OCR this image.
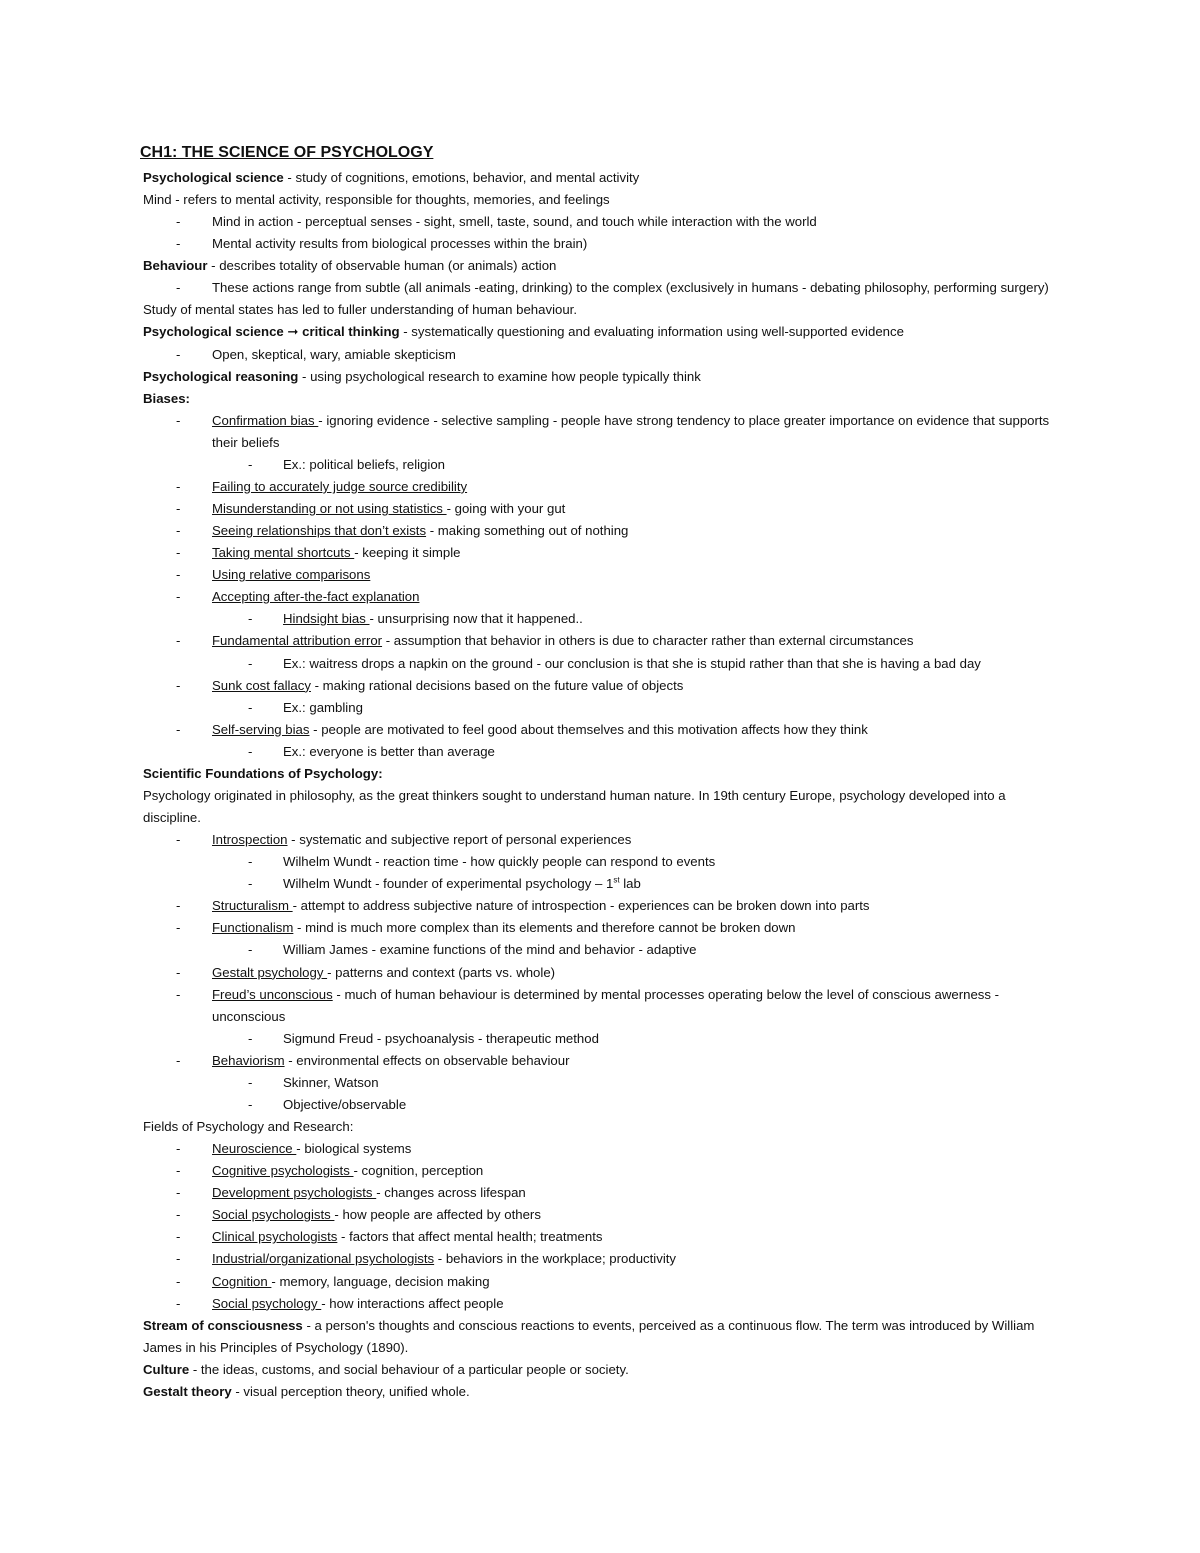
CH1: THE SCIENCE OF PSYCHOLOGY
Psychological science - study of cognitions, emotions, behavior, and mental activity
Mind - refers to mental activity, responsible for thoughts, memories, and feelings
- Mind in action - perceptual senses - sight, smell, taste, sound, and touch while interaction with the world
- Mental activity results from biological processes within the brain)
Behaviour - describes totality of observable human (or animals) action
- These actions range from subtle (all animals -eating, drinking) to the complex (exclusively in humans - debating philosophy, performing surgery)
Study of mental states has led to fuller understanding of human behaviour.
Psychological science ➞ critical thinking - systematically questioning and evaluating information using well-supported evidence
- Open, skeptical, wary, amiable skepticism
Psychological reasoning - using psychological research to examine how people typically think
Biases:
- Confirmation bias - ignoring evidence - selective sampling - people have strong tendency to place greater importance on evidence that supports
their beliefs
- Ex.: political beliefs, religion
- Failing to accurately judge source credibility
- Misunderstanding or not using statistics - going with your gut
- Seeing relationships that don’t exists - making something out of nothing
- Taking mental shortcuts - keeping it simple
- Using relative comparisons
- Accepting after-the-fact explanation
- Hindsight bias - unsurprising now that it happened..
- Fundamental attribution error - assumption that behavior in others is due to character rather than external circumstances
- Ex.: waitress drops a napkin on the ground - our conclusion is that she is stupid rather than that she is having a bad day
- Sunk cost fallacy - making rational decisions based on the future value of objects
- Ex.: gambling
- Self-serving bias - people are motivated to feel good about themselves and this motivation affects how they think
- Ex.: everyone is better than average
Scientific Foundations of Psychology:
Psychology originated in philosophy, as the great thinkers sought to understand human nature. In 19th century Europe, psychology developed into a
discipline.
- Introspection - systematic and subjective report of personal experiences
- Wilhelm Wundt - reaction time - how quickly people can respond to events
- Wilhelm Wundt - founder of experimental psychology – 1st lab
- Structuralism - attempt to address subjective nature of introspection - experiences can be broken down into parts
- Functionalism - mind is much more complex than its elements and therefore cannot be broken down
- William James - examine functions of the mind and behavior - adaptive
- Gestalt psychology - patterns and context (parts vs. whole)
- Freud’s unconscious - much of human behaviour is determined by mental processes operating below the level of conscious awerness -
unconscious
- Sigmund Freud - psychoanalysis - therapeutic method
- Behaviorism - environmental effects on observable behaviour
- Skinner, Watson
- Objective/observable
Fields of Psychology and Research:
- Neuroscience - biological systems
- Cognitive psychologists - cognition, perception
- Development psychologists - changes across lifespan
- Social psychologists - how people are affected by others
- Clinical psychologists - factors that affect mental health; treatments
- Industrial/organizational psychologists - behaviors in the workplace; productivity
- Cognition - memory, language, decision making
- Social psychology - how interactions affect people
Stream of consciousness - a person's thoughts and conscious reactions to events, perceived as a continuous flow. The term was introduced by William
James in his Principles of Psychology (1890).
Culture - the ideas, customs, and social behaviour of a particular people or society.
Gestalt theory - visual perception theory, unified whole.
